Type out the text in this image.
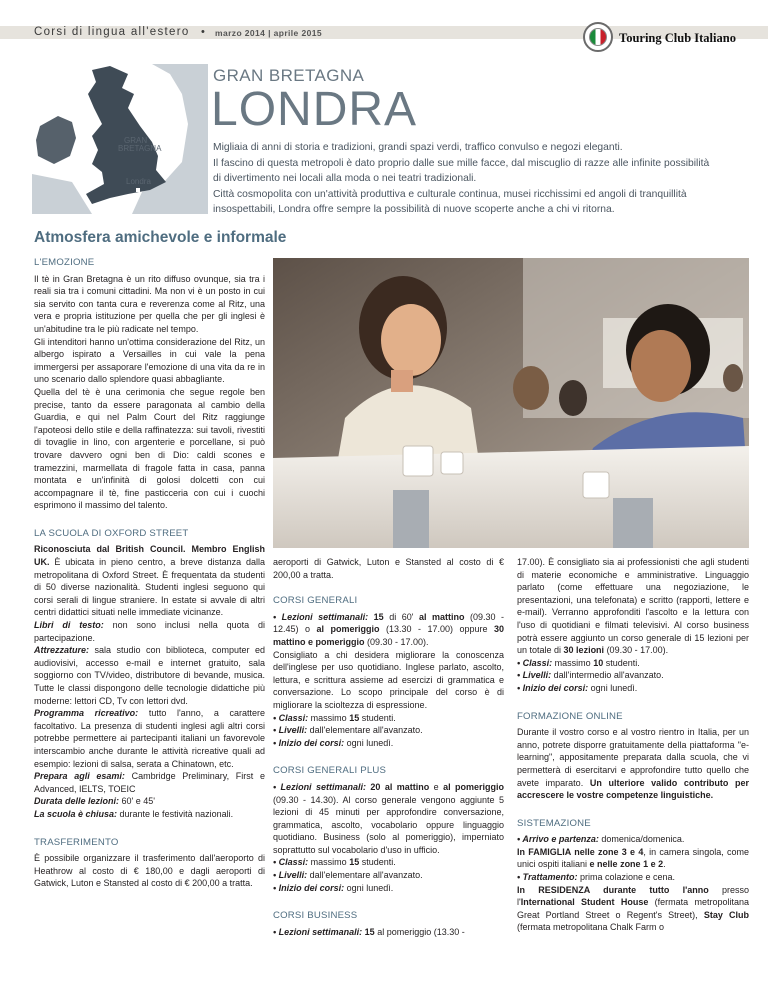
Corsi di lingua all'estero • marzo 2014 | aprile 2015	Touring Club Italiano
GRAN
BRETAGNA
Londra
GRAN BRETAGNA
LONDRA

Migliaia di anni di storia e tradizioni, grandi spazi verdi, traffico convulso e negozi eleganti.

Il fascino di questa metropoli è dato proprio dalle sue mille facce, dal miscuglio di razze alle infinite possibilità di divertimento nei locali alla moda o nei teatri tradizionali.

Città cosmopolita con un'attività produttiva e culturale continua, musei ricchissimi ed angoli di tranquillità insospettabili, Londra offre sempre la possibilità di nuove scoperte anche a chi vi ritorna.

Atmosfera amichevole e informale
L'EMOZIONE

Il tè in Gran Bretagna è un rito diffuso ovunque, sia tra i reali sia tra i comuni cittadini. Ma non vi è un posto in cui sia servito con tanta cura e reverenza come al Ritz, una vera e propria istituzione per quella che per gli inglesi è un'abitudine tra le più radicate nel tempo.

Gli intenditori hanno un'ottima considerazione del Ritz, un albergo ispirato a Versailles in cui vale la pena immergersi per assaporare l'emozione di una vita da re in uno scenario dallo splendore quasi abbagliante.

Quella del tè è una cerimonia che segue regole ben precise, tanto da essere paragonata al cambio della Guardia, e qui nel Palm Court del Ritz raggiunge l'apoteosi dello stile e della raffinatezza: sui tavoli, rivestiti di tovaglie in lino, con argenterie e porcellane, si può trovare davvero ogni ben di Dio: caldi scones e tramezzini, marmellata di fragole fatta in casa, panna montata e un'infinità di golosi dolcetti con cui accompagnare il tè, fine pasticceria con cui i cuochi esprimono il massimo del talento.

LA SCUOLA DI OXFORD STREET

Riconosciuta dal British Council. Membro English UK. È ubicata in pieno centro, a breve distanza dalla metropolitana di Oxford Street. È frequentata da studenti di 50 diverse nazionalità. Studenti inglesi seguono qui corsi serali di lingue straniere. In estate si avvale di altri centri didattici situati nelle immediate vicinanze.

Libri di testo: non sono inclusi nella quota di partecipazione.

Attrezzature: sala studio con biblioteca, computer ed audiovisivi, accesso e-mail e internet gratuito, sala soggiorno con TV/video, distributore di bevande, musica. Tutte le classi dispongono delle tecnologie didattiche più moderne: lettori CD, Tv con lettori dvd.

Programma ricreativo: tutto l'anno, a carattere facoltativo. La presenza di studenti inglesi agli altri corsi potrebbe permettere ai partecipanti italiani un favorevole interscambio anche durante le attività ricreative quali ad esempio: lezioni di salsa, serata a Chinatown, etc.

Prepara agli esami: Cambridge Preliminary, First e Advanced, IELTS, TOEIC

Durata delle lezioni: 60' e 45'

La scuola è chiusa: durante le festività nazionali.

TRASFERIMENTO

È possibile organizzare il trasferimento dall'aeroporto di Heathrow al costo di € 180,00 e dagli aeroporti di Gatwick, Luton e Stansted al costo di € 200,00 a tratta.

aeroporti di Gatwick, Luton e Stansted al costo di € 200,00 a tratta.

CORSI GENERALI

• Lezioni settimanali: 15 di 60' al mattino (09.30 - 12.45) o al pomeriggio (13.30 - 17.00) oppure 30 mattino e pomeriggio (09.30 - 17.00).

Consigliato a chi desidera migliorare la conoscenza dell'inglese per uso quotidiano. Inglese parlato, ascolto, lettura, e scrittura assieme ad esercizi di grammatica e conversazione. Lo scopo principale del corso è di migliorare la scioltezza di espressione.

• Classi: massimo 15 studenti.

• Livelli: dall'elementare all'avanzato.

• Inizio dei corsi: ogni lunedì.

CORSI GENERALI PLUS

• Lezioni settimanali: 20 al mattino e al pomeriggio (09.30 - 14.30). Al corso generale vengono aggiunte 5 lezioni di 45 minuti per approfondire conversazione, grammatica, ascolto, vocabolario oppure linguaggio quotidiano. Business (solo al pomeriggio), imperniato soprattutto sul vocabolario d'uso in ufficio.

• Classi: massimo 15 studenti.

• Livelli: dall'elementare all'avanzato.

• Inizio dei corsi: ogni lunedì.

CORSI BUSINESS

• Lezioni settimanali: 15 al pomeriggio (13.30 -

17.00). È consigliato sia ai professionisti che agli studenti di materie economiche e amministrative. Linguaggio parlato (come effettuare una negoziazione, le presentazioni, una telefonata) e scritto (rapporti, lettere e e-mail). Verranno approfonditi l'ascolto e la lettura con l'uso di quotidiani e filmati televisivi. Al corso business potrà essere aggiunto un corso generale di 15 lezioni per un totale di 30 lezioni (09.30 - 17.00).

• Classi: massimo 10 studenti.

• Livelli: dall'intermedio all'avanzato.

• Inizio dei corsi: ogni lunedì.

FORMAZIONE ONLINE

Durante il vostro corso e al vostro rientro in Italia, per un anno, potrete disporre gratuitamente della piattaforma "e-learning", appositamente preparata dalla scuola, che vi permetterà di esercitarvi e approfondire tutto quello che avete imparato. Un ulteriore valido contributo per accrescere le vostre competenze linguistiche.

SISTEMAZIONE

• Arrivo e partenza: domenica/domenica.

In FAMIGLIA nelle zone 3 e 4, in camera singola, come unici ospiti italiani e nelle zone 1 e 2.

• Trattamento: prima colazione e cena.

In RESIDENZA durante tutto l'anno presso l'International Student House (fermata metropolitana Great Portland Street o Regent's Street), Stay Club (fermata metropolitana Chalk Farm o
